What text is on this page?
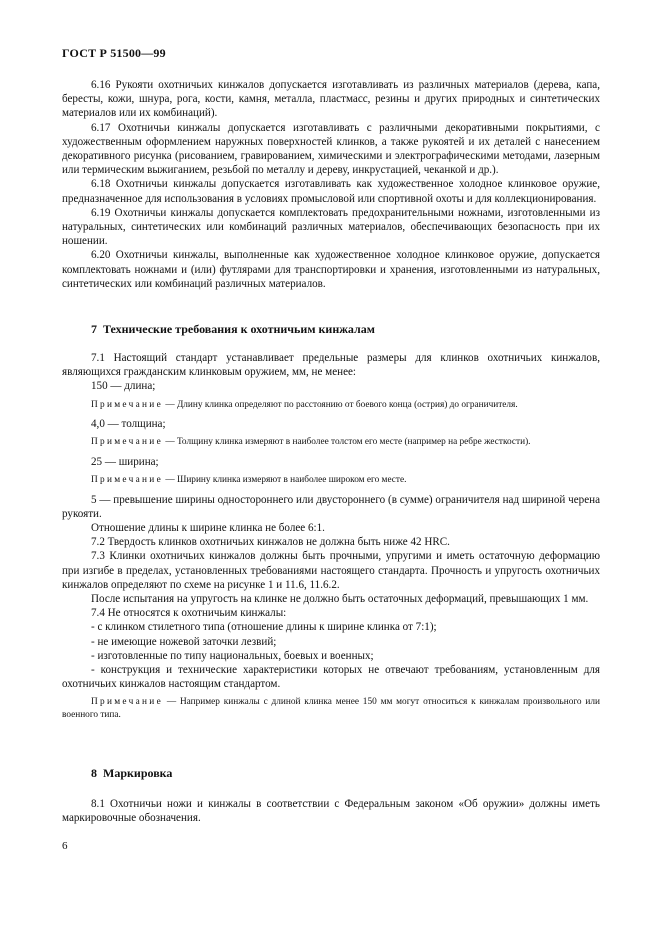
ГОСТ Р 51500—99

6.16 Рукояти охотничьих кинжалов допускается изготавливать из различных материалов (дерева, капа, бересты, кожи, шнура, рога, кости, камня, металла, пластмасс, резины и других природных и синтетических материалов или их комбинаций).

6.17 Охотничьи кинжалы допускается изготавливать с различными декоративными покрытиями, с художественным оформлением наружных поверхностей клинков, а также рукоятей и их деталей с нанесением декоративного рисунка (рисованием, гравированием, химическими и электрографическими методами, лазерным или термическим выжиганием, резьбой по металлу и дереву, инкрустацией, чеканкой и др.).

6.18 Охотничьи кинжалы допускается изготавливать как художественное холодное клинковое оружие, предназначенное для использования в условиях промысловой или спортивной охоты и для коллекционирования.

6.19 Охотничьи кинжалы допускается комплектовать предохранительными ножнами, изготовленными из натуральных, синтетических или комбинаций различных материалов, обеспечивающих безопасность при их ношении.

6.20 Охотничьи кинжалы, выполненные как художественное холодное клинковое оружие, допускается комплектовать ножнами и (или) футлярами для транспортировки и хранения, изготовленными из натуральных, синтетических или комбинаций различных материалов.

7 Технические требования к охотничьим кинжалам

7.1 Настоящий стандарт устанавливает предельные размеры для клинков охотничьих кинжалов, являющихся гражданским клинковым оружием, мм, не менее:

150 — длина;

Примечание — Длину клинка определяют по расстоянию от боевого конца (острия) до ограничителя.

4,0 — толщина;

Примечание — Толщину клинка измеряют в наиболее толстом его месте (например на ребре жесткости).

25 — ширина;

Примечание — Ширину клинка измеряют в наиболее широком его месте.

5 — превышение ширины одностороннего или двустороннего (в сумме) ограничителя над шириной черена рукояти.

Отношение длины к ширине клинка не более 6:1.

7.2 Твердость клинков охотничьих кинжалов не должна быть ниже 42 HRC.

7.3 Клинки охотничьих кинжалов должны быть прочными, упругими и иметь остаточную деформацию при изгибе в пределах, установленных требованиями настоящего стандарта. Прочность и упругость охотничьих кинжалов определяют по схеме на рисунке 1 и 11.6, 11.6.2.

После испытания на упругость на клинке не должно быть остаточных деформаций, превышающих 1 мм.

7.4 Не относятся к охотничьим кинжалы:

- с клинком стилетного типа (отношение длины к ширине клинка от 7:1);

- не имеющие ножевой заточки лезвий;

- изготовленные по типу национальных, боевых и военных;

- конструкция и технические характеристики которых не отвечают требованиям, установленным для охотничьих кинжалов настоящим стандартом.

Примечание — Например кинжалы с длиной клинка менее 150 мм могут относиться к кинжалам произвольного или военного типа.

8 Маркировка

8.1 Охотничьи ножи и кинжалы в соответствии с Федеральным законом «Об оружии» должны иметь маркировочные обозначения.

6
